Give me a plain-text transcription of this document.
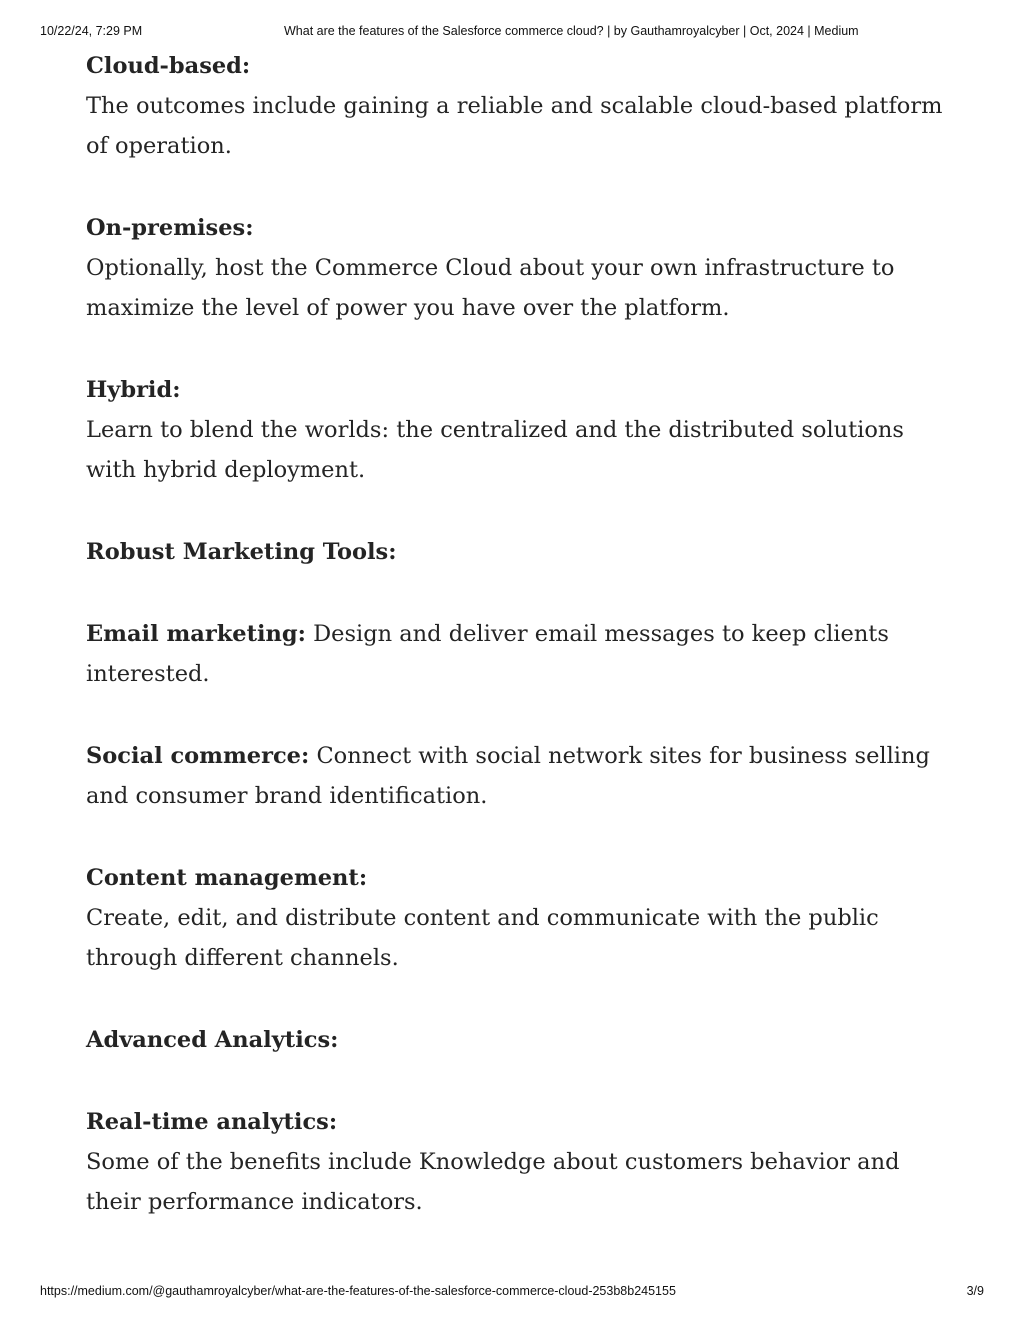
10/22/24, 7:29 PM	What are the features of the Salesforce commerce cloud? | by Gauthamroyalcyber | Oct, 2024 | Medium

Cloud-based:
The outcomes include gaining a reliable and scalable cloud-based platform of operation.

On-premises:
Optionally, host the Commerce Cloud about your own infrastructure to maximize the level of power you have over the platform.

Hybrid:
Learn to blend the worlds: the centralized and the distributed solutions with hybrid deployment.

Robust Marketing Tools:

Email marketing: Design and deliver email messages to keep clients interested.

Social commerce: Connect with social network sites for business selling and consumer brand identification.

Content management:
Create, edit, and distribute content and communicate with the public through different channels.

Advanced Analytics:

Real-time analytics:
Some of the benefits include Knowledge about customers behavior and their performance indicators.

https://medium.com/@gauthamroyalcyber/what-are-the-features-of-the-salesforce-commerce-cloud-253b8b245155	3/9
